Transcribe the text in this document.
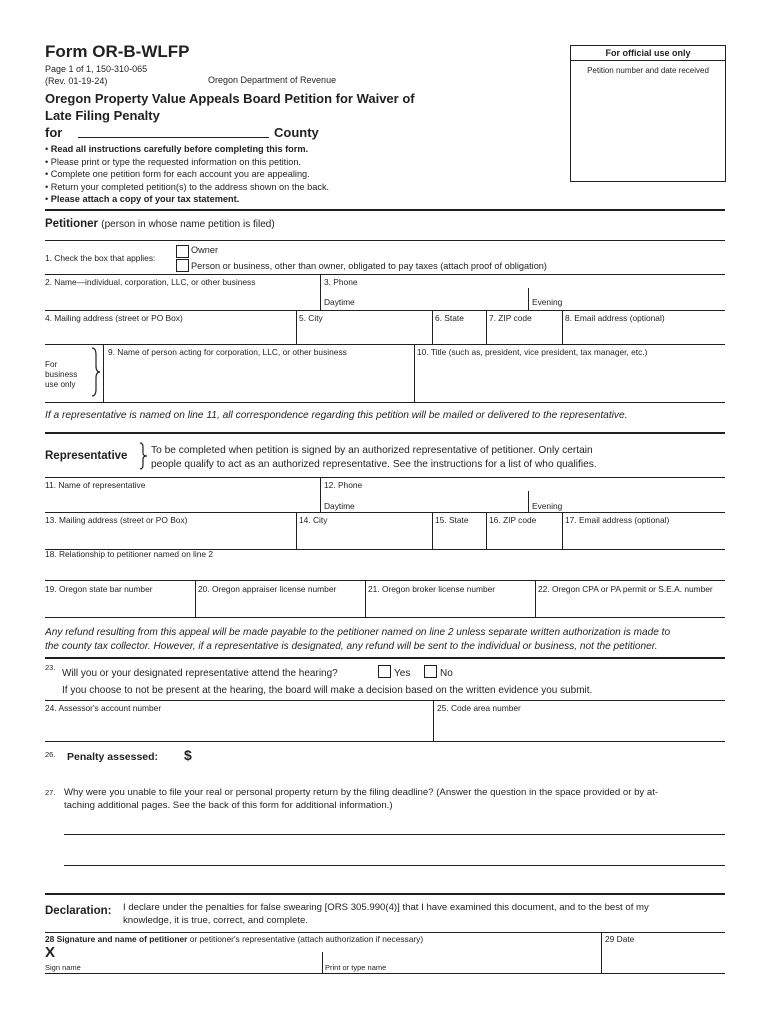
Form OR-B-WLFP
Page 1 of 1, 150-310-065
(Rev. 01-19-24)	Oregon Department of Revenue
Oregon Property Value Appeals Board Petition for Waiver of
Late Filing Penalty
for	County
For official use only
Petition number and date received
• Read all instructions carefully before completing this form.
• Please print or type the requested information on this petition.
• Complete one petition form for each account you are appealing.
• Return your completed petition(s) to the address shown on the back.
• Please attach a copy of your tax statement.
Petitioner (person in whose name petition is filed)
1. Check the box that applies:
Owner
Person or business, other than owner, obligated to pay taxes (attach proof of obligation)
2. Name—individual, corporation, LLC, or other business	3. Phone
Daytime	Evening
4. Mailing address (street or PO Box)	5. City	6. State	7. ZIP code	8. Email address (optional)
For
business
use only
9. Name of person acting for corporation, LLC, or other business	10. Title (such as, president, vice president, tax manager, etc.)
If a representative is named on line 11, all correspondence regarding this petition will be mailed or delivered to the representative.
Representative To be completed when petition is signed by an authorized representative of petitioner. Only certain
people qualify to act as an authorized representative. See the instructions for a list of who qualifies.
11. Name of representative	12. Phone
Daytime	Evening
13. Mailing address (street or PO Box)	14. City	15. State 16. ZIP code	17. Email address (optional)
18. Relationship to petitioner named on line 2
19. Oregon state bar number	20. Oregon appraiser license number	21. Oregon broker license number	22. Oregon CPA or PA permit or S.E.A. number
Any refund resulting from this appeal will be made payable to the petitioner named on line 2 unless separate written authorization is made to
the county tax collector. However, if a representative is designated, any refund will be sent to the individual or business, not the petitioner.
23.
Will you or your designated representative attend the hearing?	Yes	No
If you choose to not be present at the hearing, the board will make a decision based on the written evidence you submit.
24. Assessor's account number	25. Code area number
26. Penalty assessed: $
27. Why were you unable to file your real or personal property return by the filing deadline? (Answer the question in the space provided or by at-
taching additional pages. See the back of this form for additional information.)
Declaration: I declare under the penalties for false swearing [ORS 305.990(4)] that I have examined this document, and to the best of my
knowledge, it is true, correct, and complete.
28 Signature and name of petitioner or petitioner's representative (attach authorization if necessary)	29 Date
X
Sign name	Print or type name
